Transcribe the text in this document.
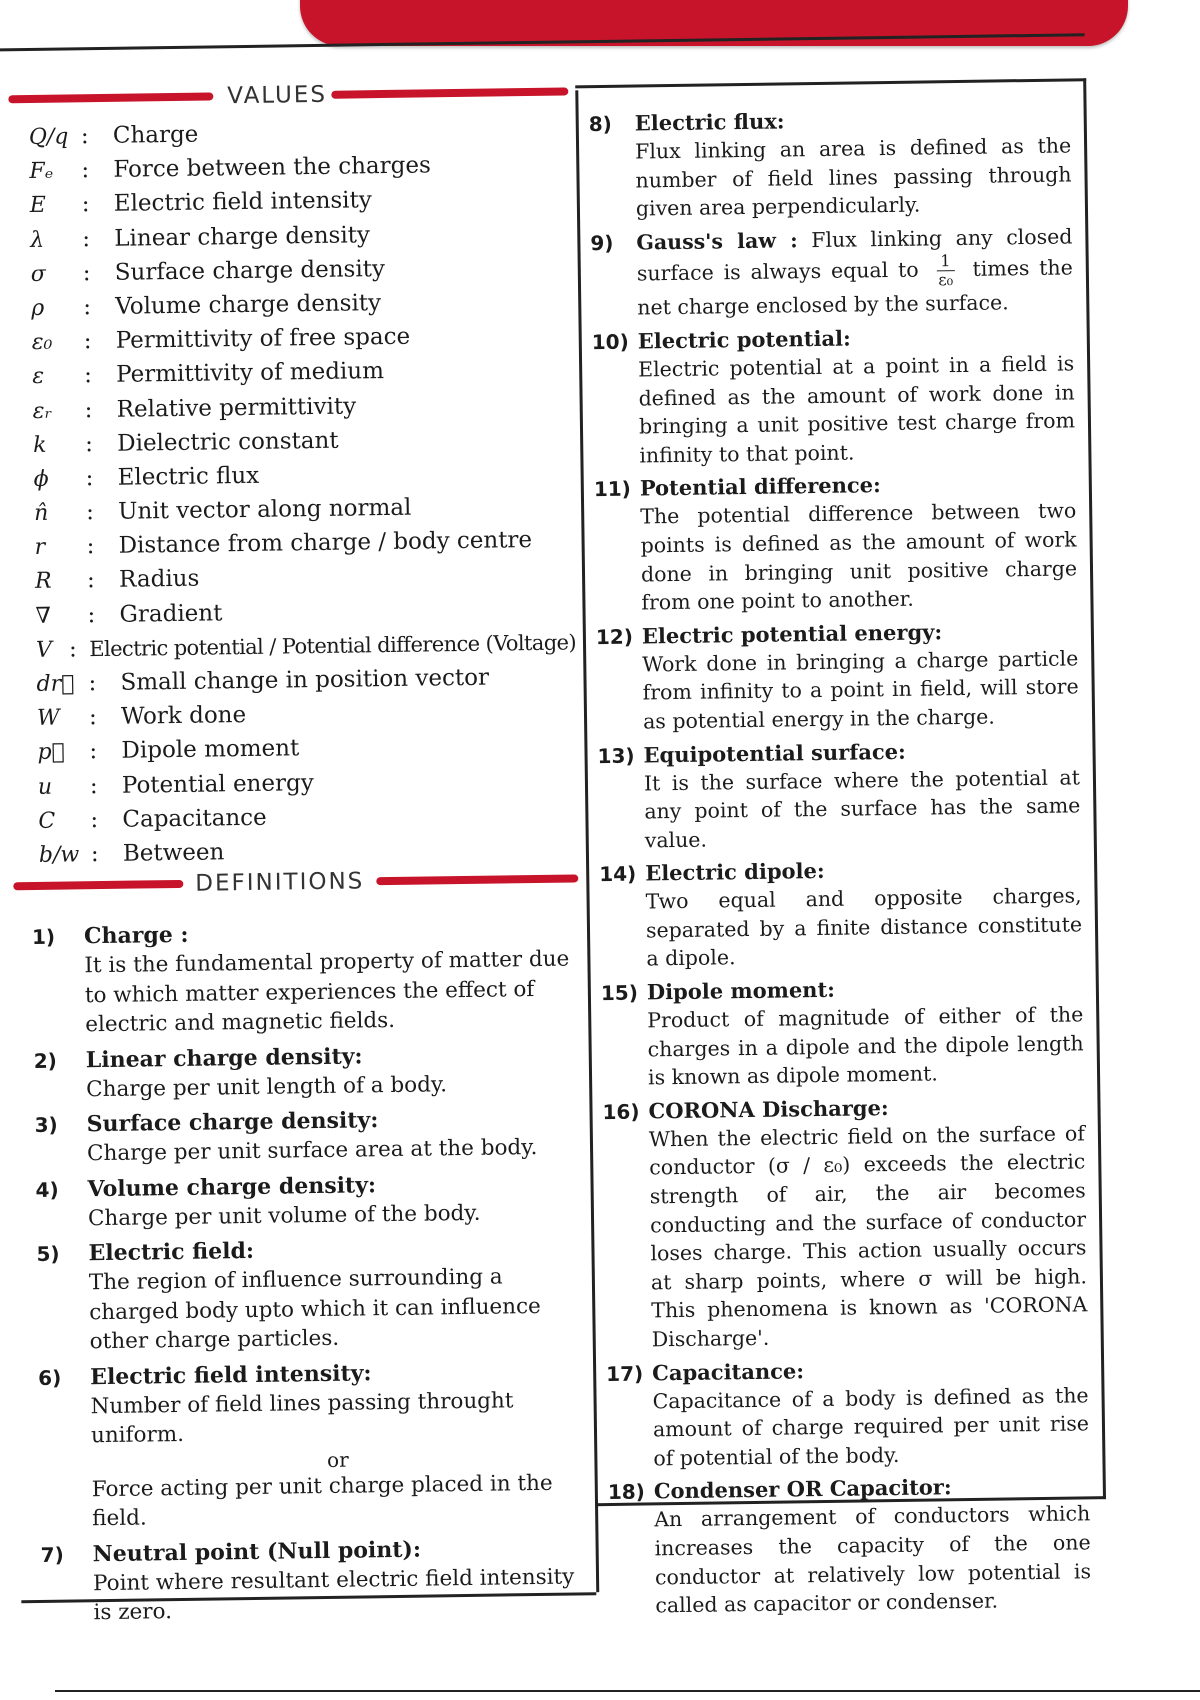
VALUES
Q/q :	Charge
Fₑ	:	Force between the charges
E	:	Electric field intensity
λ	:	Linear charge density
σ	:	Surface charge density
ρ	:	Volume charge density
ε₀	:	Permittivity of free space
ε	:	Permittivity of medium
εᵣ	:	Relative permittivity
k	:	Dielectric constant
ϕ	:	Electric flux
n̂	:	Unit vector along normal
r	:	Distance from charge / body centre
R	:	Radius
∇	:	Gradient
V : Electric potential / Potential difference (Voltage)
dr⃗ :	Small change in position vector
W	:	Work done
p⃗	:	Dipole moment
u	:	Potential energy
C	:	Capacitance
b/w :	Between
DEFINITIONS
1) Charge :
It is the fundamental property of matter due to which matter experiences the effect of electric and magnetic fields.
2) Linear charge density:
Charge per unit length of a body.
3) Surface charge density:
Charge per unit surface area at the body.
4) Volume charge density:
Charge per unit volume of the body.
5) Electric field:
The region of influence surrounding a charged body upto which it can influence other charge particles.
6) Electric field intensity:
Number of field lines passing throught uniform.
or
Force acting per unit charge placed in the field.
7) Neutral point (Null point):
Point where resultant electric field intensity is zero.
8) Electric flux:
Flux linking an area is defined as the number of field lines passing through given area perpendicularly.
9) Gauss's law : Flux linking any closed surface is always equal to $\frac{1}{\text{ε₀}}$ times the net charge enclosed by the surface.
10) Electric potential:
Electric potential at a point in a field is defined as the amount of work done in bringing a unit positive test charge from infinity to that point.
11) Potential difference:
The potential difference between two points is defined as the amount of work done in bringing unit positive charge from one point to another.
12) Electric potential energy:
Work done in bringing a charge particle from infinity to a point in field, will store as potential energy in the charge.
13) Equipotential surface:
It is the surface where the potential at any point of the surface has the same value.
14) Electric dipole:
Two equal and opposite charges, separated by a finite distance constitute a dipole.
15) Dipole moment:
Product of magnitude of either of the charges in a dipole and the dipole length is known as dipole moment.
16) CORONA Discharge:
When the electric field on the surface of conductor (σ / ε₀) exceeds the electric strength of air, the air becomes conducting and the surface of conductor loses charge. This action usually occurs at sharp points, where σ will be high. This phenomena is known as 'CORONA Discharge'.
17) Capacitance:
Capacitance of a body is defined as the amount of charge required per unit rise of potential of the body.
18) Condenser OR Capacitor:
An arrangement of conductors which increases the capacity of the one conductor at relatively low potential is called as capacitor or condenser.
